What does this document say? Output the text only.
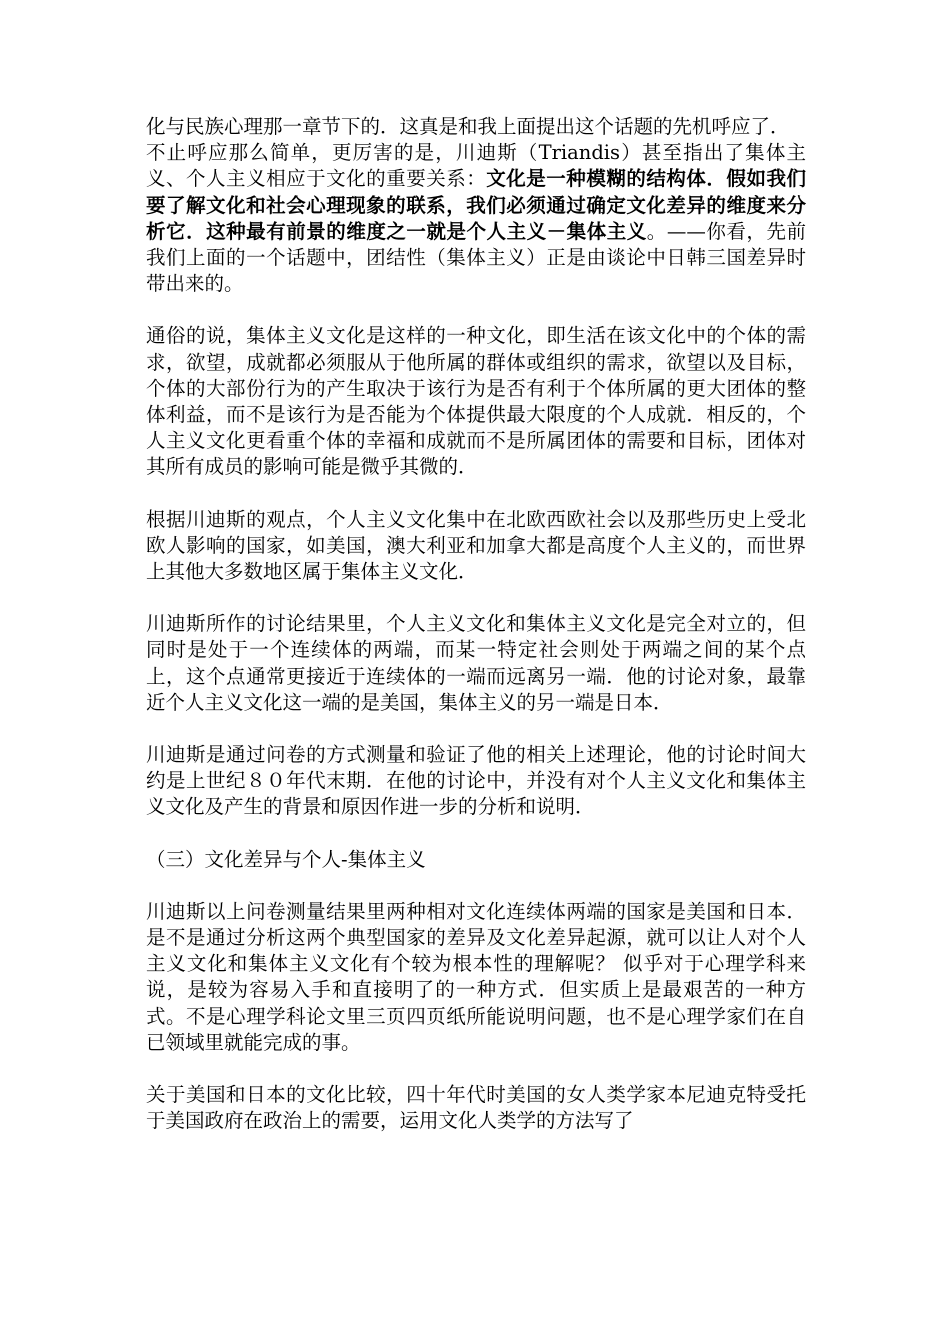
化与民族心理那一章节下的．这真是和我上面提出这个话题的先机呼应了．

不止呼应那么简单，更厉害的是，川迪斯（Triandis）甚至指出了集体主义、个人主义相应于文化的重要关系：文化是一种模糊的结构体．假如我们要了解文化和社会心理现象的联系，我们必须通过确定文化差异的维度来分析它．这种最有前景的维度之一就是个人主义－集体主义。——你看，先前我们上面的一个话题中，团结性（集体主义）正是由谈论中日韩三国差异时带出来的。

通俗的说，集体主义文化是这样的一种文化，即生活在该文化中的个体的需求，欲望，成就都必须服从于他所属的群体或组织的需求，欲望以及目标，个体的大部份行为的产生取决于该行为是否有利于个体所属的更大团体的整体利益，而不是该行为是否能为个体提供最大限度的个人成就．相反的，个人主义文化更看重个体的幸福和成就而不是所属团体的需要和目标，团体对其所有成员的影响可能是微乎其微的．

根据川迪斯的观点，个人主义文化集中在北欧西欧社会以及那些历史上受北欧人影响的国家，如美国，澳大利亚和加拿大都是高度个人主义的，而世界上其他大多数地区属于集体主义文化．

川迪斯所作的讨论结果里，个人主义文化和集体主义文化是完全对立的，但同时是处于一个连续体的两端，而某一特定社会则处于两端之间的某个点上，这个点通常更接近于连续体的一端而远离另一端．他的讨论对象，最靠近个人主义文化这一端的是美国，集体主义的另一端是日本．

川迪斯是通过问卷的方式测量和验证了他的相关上述理论，他的讨论时间大约是上世纪８０年代末期．在他的讨论中，并没有对个人主义文化和集体主义文化及产生的背景和原因作进一步的分析和说明．

（三）文化差异与个人-集体主义

川迪斯以上问卷测量结果里两种相对文化连续体两端的国家是美国和日本．是不是通过分析这两个典型国家的差异及文化差异起源，就可以让人对个人主义文化和集体主义文化有个较为根本性的理解呢？ 似乎对于心理学科来说，是较为容易入手和直接明了的一种方式．但实质上是最艰苦的一种方式。不是心理学科论文里三页四页纸所能说明问题，也不是心理学家们在自已领域里就能完成的事。

关于美国和日本的文化比较，四十年代时美国的女人类学家本尼迪克特受托于美国政府在政治上的需要，运用文化人类学的方法写了
